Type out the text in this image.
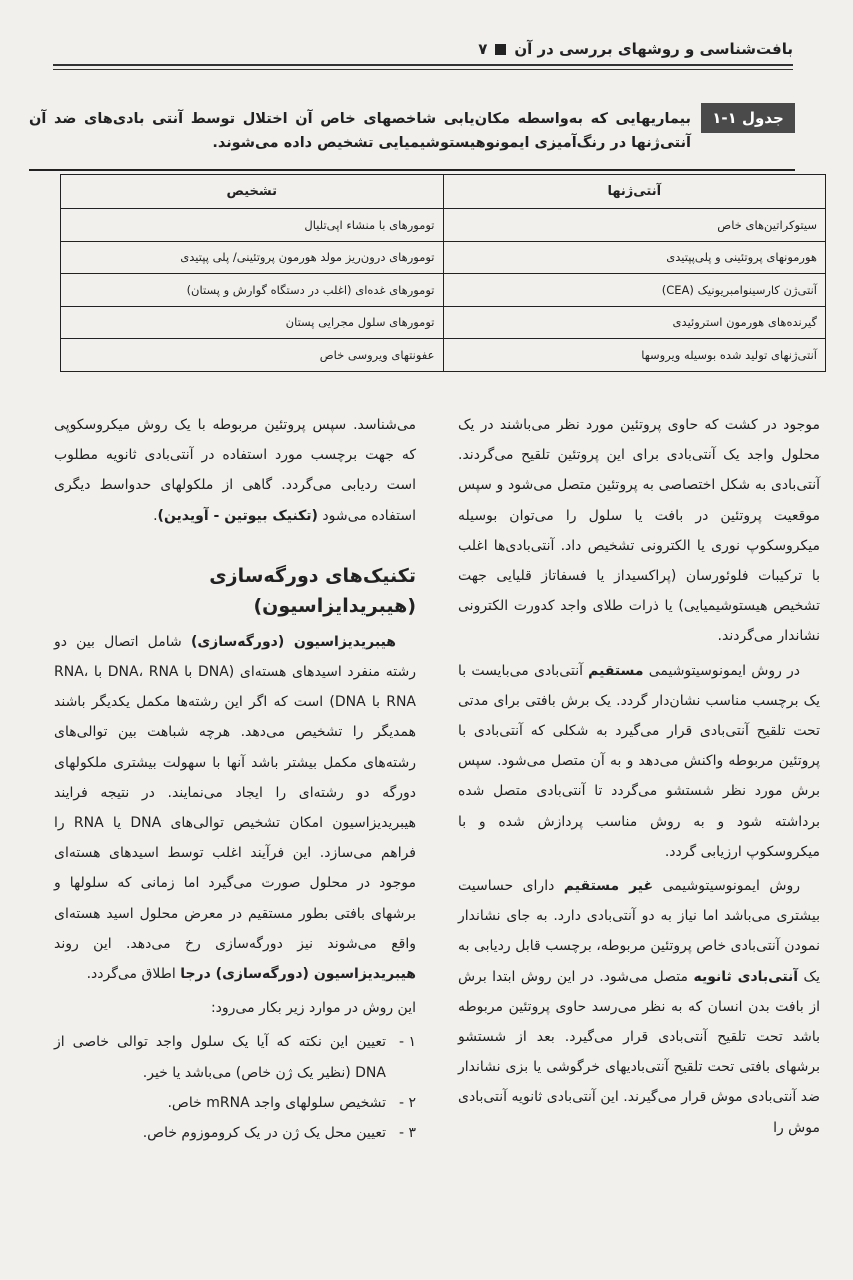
بافت‌شناسی و روشهای بررسی در آن
۷
جدول ۱-۱
بیماریهایی که به‌واسطه مکان‌یابی شاخصهای خاص آن اختلال توسط آنتی بادی‌های ضد آن آنتی‌ژنها در رنگ‌آمیزی ایمونوهیستوشیمیایی تشخیص داده می‌شوند.
آنتی‌ژنها
تشخیص
سیتوکراتین‌های خاص
تومورهای با منشاء اپی‌تلیال
هورمونهای پروتئینی و پلی‌پپتیدی
تومورهای درون‌ریز مولد هورمون پروتئینی/ پلی پپتیدی
آنتی‌ژن کارسینوامبریونیک (CEA)
تومورهای غده‌ای (اغلب در دستگاه گوارش و پستان)
گیرنده‌های هورمون استروئیدی
تومورهای سلول مجرایی پستان
آنتی‌ژنهای تولید شده بوسیله ویروسها
عفونتهای ویروسی خاص

موجود در کشت که حاوی پروتئین مورد نظر می‌باشند در یک محلول واجد یک آنتی‌بادی برای این پروتئین تلقیح می‌گردند. آنتی‌بادی به شکل اختصاصی به پروتئین متصل می‌شود و سپس موقعیت پروتئین در بافت یا سلول را می‌توان بوسیله میکروسکوپ نوری یا الکترونی تشخیص داد. آنتی‌بادی‌ها اغلب با ترکیبات فلوئورسان (پراکسیداز یا فسفاتاز قلیایی جهت تشخیص هیستوشیمیایی) یا ذرات طلای واجد کدورت الکترونی نشاندار می‌گردند.

در روش ایمونوسیتوشیمی مستقیم آنتی‌بادی می‌بایست با یک برچسب مناسب نشان‌دار گردد. یک برش بافتی برای مدتی تحت تلقیح آنتی‌بادی قرار می‌گیرد به شکلی که آنتی‌بادی با پروتئین مربوطه واکنش می‌دهد و به آن متصل می‌شود. سپس برش مورد نظر شستشو می‌گردد تا آنتی‌بادی متصل شده برداشته شود و به روش مناسب پردازش شده و با میکروسکوپ ارزیابی گردد.

روش ایمونوسیتوشیمی غیر مستقیم دارای حساسیت بیشتری می‌باشد اما نیاز به دو آنتی‌بادی دارد. به جای نشاندار نمودن آنتی‌بادی خاص پروتئین مربوطه، برچسب قابل ردیابی به یک آنتی‌بادی ثانویه متصل می‌شود. در این روش ابتدا برش از بافت بدن انسان که به نظر می‌رسد حاوی پروتئین مربوطه باشد تحت تلقیح آنتی‌بادی قرار می‌گیرد. بعد از شستشو برشهای بافتی تحت تلقیح آنتی‌بادیهای خرگوشی یا بزی نشاندار ضد آنتی‌بادی موش قرار می‌گیرند. این آنتی‌بادی ثانویه آنتی‌بادی موش را

می‌شناسد. سپس پروتئین مربوطه با یک روش میکروسکوپی که جهت برچسب مورد استفاده در آنتی‌بادی ثانویه مطلوب است ردیابی می‌گردد. گاهی از ملکولهای حدواسط دیگری استفاده می‌شود (تکنیک بیوتین - آویدین).

تکنیک‌های دورگه‌سازی (هیبریدایزاسیون)

هیبریدیزاسیون (دورگه‌سازی) شامل اتصال بین دو رشته منفرد اسیدهای هسته‌ای (DNA با DNA، RNA با RNA، RNA با DNA) است که اگر این رشته‌ها مکمل یکدیگر باشند همدیگر را تشخیص می‌دهد. هرچه شباهت بین توالی‌های رشته‌های مکمل بیشتر باشد آنها با سهولت بیشتری ملکولهای دورگه دو رشته‌ای را ایجاد می‌نمایند. در نتیجه فرایند هیبریدیزاسیون امکان تشخیص توالی‌های DNA یا RNA را فراهم می‌سازد. این فرآیند اغلب توسط اسیدهای هسته‌ای موجود در محلول صورت می‌گیرد اما زمانی که سلولها و برشهای بافتی بطور مستقیم در معرض محلول اسید هسته‌ای واقع می‌شوند نیز دورگه‌سازی رخ می‌دهد. این روند هیبریدیزاسیون (دورگه‌سازی) درجا اطلاق می‌گردد.

این روش در موارد زیر بکار می‌رود:

۱ -
تعیین این نکته که آیا یک سلول واجد توالی خاصی از DNA (نظیر یک ژن خاص) می‌باشد یا خیر.

۲ -
تشخیص سلولهای واجد mRNA خاص.

۳ -
تعیین محل یک ژن در یک کروموزوم خاص.
